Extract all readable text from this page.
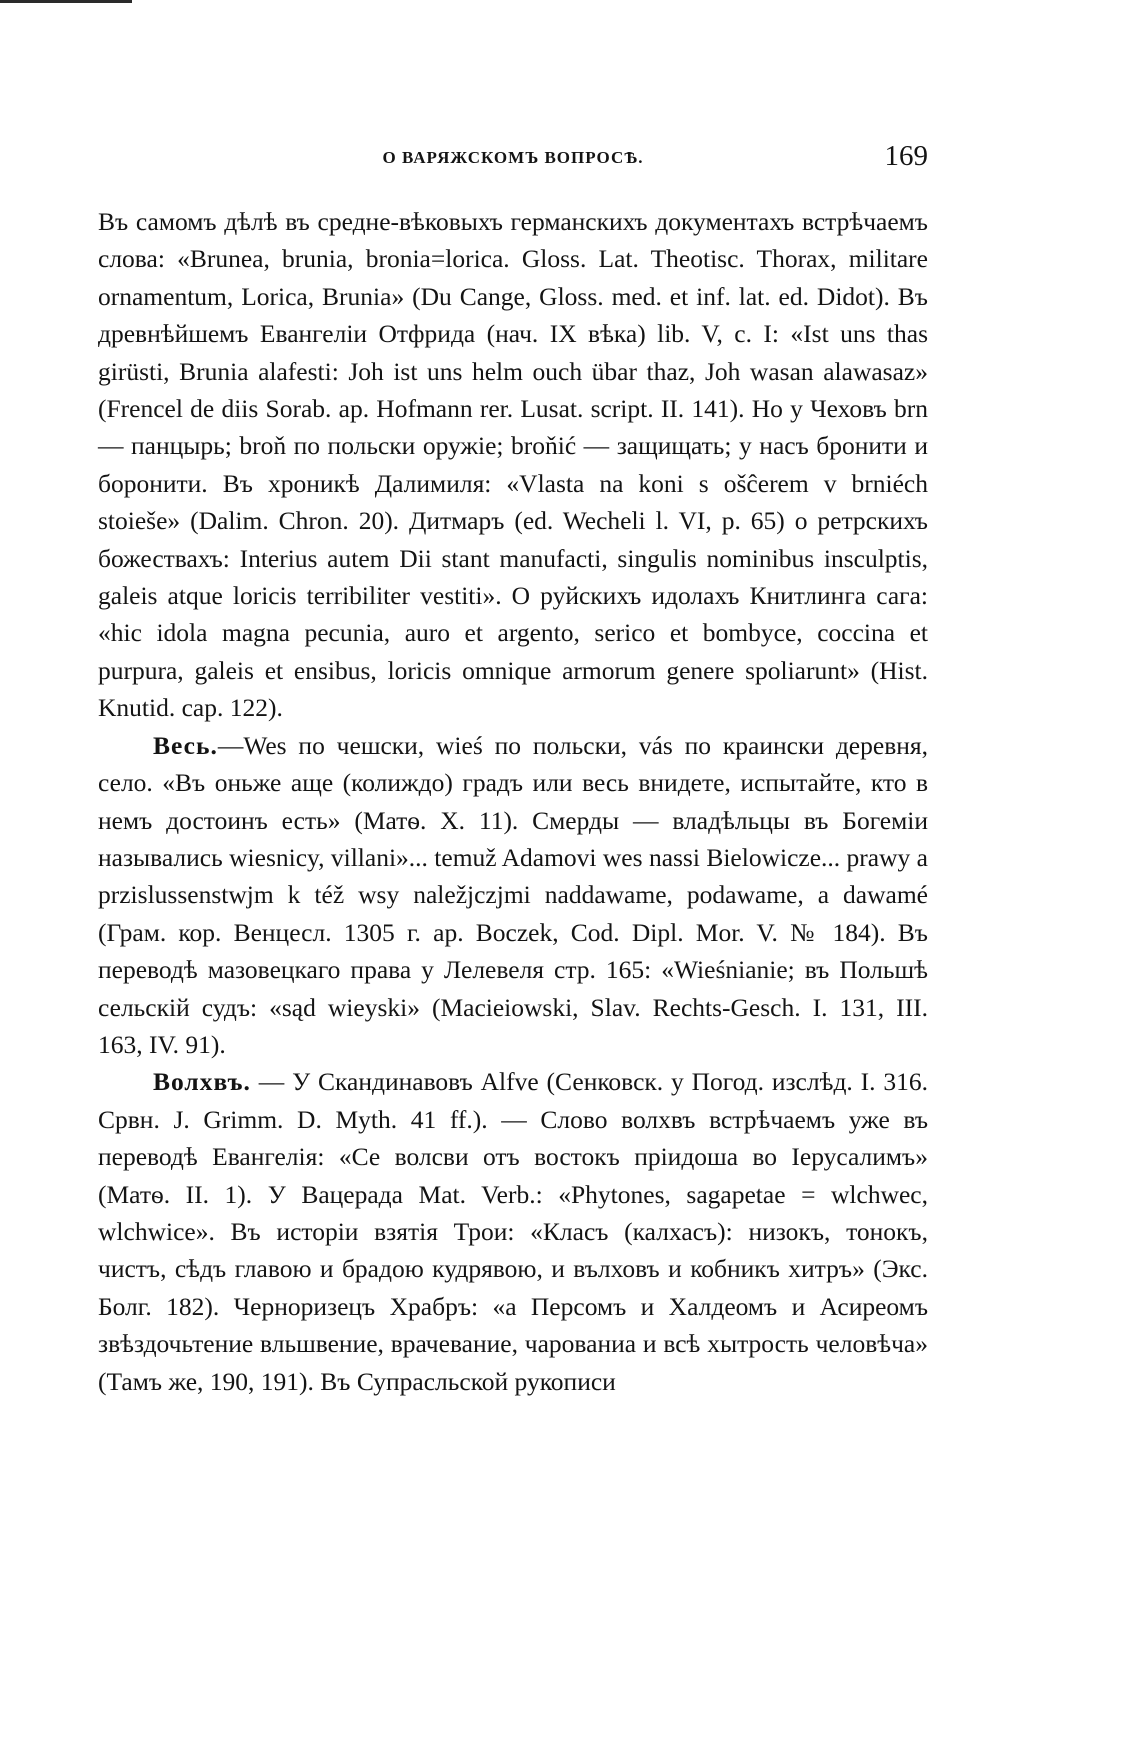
О ВАРЯЖСКОМЪ ВОПРОСѢ.	169

Въ самомъ дѣлѣ въ средне-вѣковыхъ германскихъ документахъ встрѣчаемъ слова: «Brunea, brunia, bronia=lorica. Gloss. Lat. Theotisc. Thorax, militare ornamentum, Lorica, Brunia» (Du Cange, Gloss. med. et inf. lat. ed. Didot). Въ древнѣйшемъ Евангеліи Отфрида (нач. IX вѣка) lib. V, c. I: «Ist uns thas girüsti, Brunia alafesti: Joh ist uns helm ouch übar thaz, Joh wasan alawasaz» (Frencel de diis Sorab. ap. Hofmann rer. Lusat. script. II. 141). Но у Чеховъ brn — панцырь; broň по польски оружіе; broňić — защищать; у насъ бронити и боронити. Въ хроникѣ Далимиля: «Vlasta na koni s ošĉerem v brniéch stoiеše» (Dalim. Chron. 20). Дитмаръ (ed. Wecheli l. VI, p. 65) о ретрскихъ божествахъ: Interius autem Dii stant manufacti, singulis nominibus insculptis, galeis atque loricis terribiliter vestiti». О руйскихъ идолахъ Книтлинга сага: «hic idola magna pecunia, auro et argento, serico et bombyce, coccina et purpura, galeis et ensibus, loricis omnique armorum genere spoliarunt» (Hist. Knutid. cap. 122).

Весь.—Wes по чешски, wieś по польски, vás по краински деревня, село. «Въ оньже аще (колиждо) градъ или весь внидете, испытайте, кто в немъ достоинъ есть» (Матѳ. X. 11). Смерды — владѣльцы въ Богеміи назывались wiesnicy, villani»... temuž Adamovi wes nassi Bielowicze... prawy a przislussenstwjm k též wsy naležjczjmi naddawame, podawame, a dawamé (Грам. кор. Венцесл. 1305 г. ap. Boczek, Cod. Dipl. Mor. V. № 184). Въ переводѣ мазовецкаго права у Лелевеля стр. 165: «Wieśnianie; въ Польшѣ сельскій судъ: «sąd wieyski» (Macieiowski, Slav. Rechts-Gesch. I. 131, III. 163, IV. 91).

Волхвъ. — У Скандинавовъ Alfve (Сенковск. у Погод. изслѣд. I. 316. Срвн. J. Grimm. D. Myth. 41 ff.). — Слово волхвъ встрѣчаемъ уже въ переводѣ Евангелія: «Се волсви отъ востокъ пріидоша во Іерусалимъ» (Матѳ. II. 1). У Вацерада Mat. Verb.: «Phytones, sagapetae = wlchwec, wlchwice». Въ исторіи взятія Трои: «Класъ (калхасъ): низокъ, тонокъ, чистъ, сѣдъ главою и брадою кудрявою, и вълховъ и кобникъ хитръ» (Экс. Болг. 182). Черноризецъ Храбръ: «а Персомъ и Халдеомъ и Асиреомъ звѣздочьтение вльшвение, врачевание, чарованиа и всѣ хытрость человѣча» (Тамъ же, 190, 191). Въ Супрасльской рукописи
